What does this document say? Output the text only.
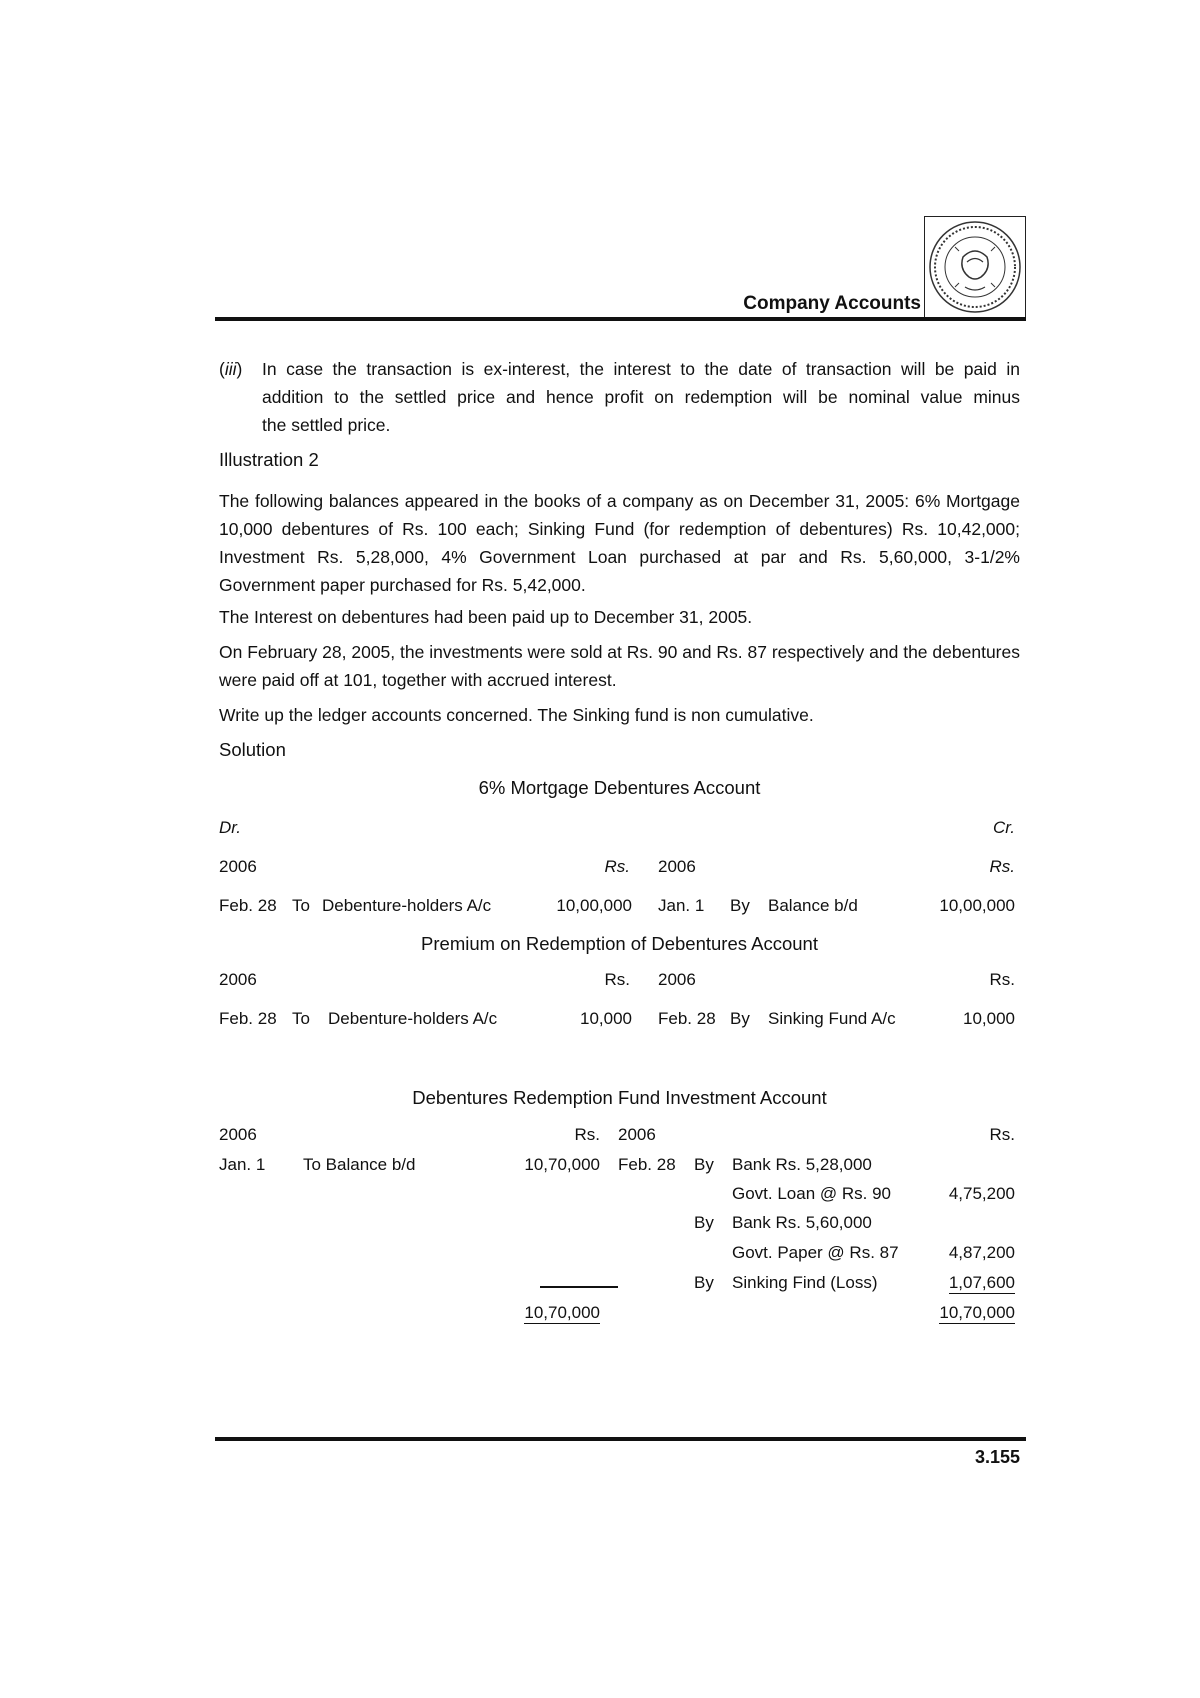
Company Accounts
(iii)	In case the transaction is ex-interest, the interest to the date of transaction will be paid in
addition to the settled price and hence profit on redemption will be nominal value minus
the settled price.
Illustration 2
The following balances appeared in the books of a company as on December 31, 2005: 6% Mortgage 10,000 debentures of Rs. 100 each; Sinking Fund (for redemption of debentures) Rs. 10,42,000; Investment Rs. 5,28,000, 4% Government Loan purchased at par and Rs. 5,60,000, 3-1/2% Government paper purchased for Rs. 5,42,000.
The Interest on debentures had been paid up to December 31, 2005.
On February 28, 2005, the investments were sold at Rs. 90 and Rs. 87 respectively and the debentures were paid off at 101, together with accrued interest.
Write up the ledger accounts concerned. The Sinking fund is non cumulative.
Solution
6% Mortgage Debentures Account
Dr.	Cr.
2006	Rs. 2006	Rs.
Feb. 28 To Debenture-holders A/c	10,00,000 Jan. 1 By Balance b/d	10,00,000
Premium on Redemption of Debentures Account
2006	Rs. 2006	Rs.
Feb. 28 To Debenture-holders A/c	10,000 Feb. 28 By Sinking Fund A/c	10,000
Debentures Redemption Fund Investment Account
2006	Rs. 2006	Rs.
Jan. 1 To Balance b/d	10,70,000 Feb. 28 By Bank Rs. 5,28,000
Govt. Loan @ Rs. 90	4,75,200
By Bank Rs. 5,60,000
Govt. Paper @ Rs. 87	4,87,200
By Sinking Find (Loss)	1,07,600
10,70,000	10,70,000
3.155
